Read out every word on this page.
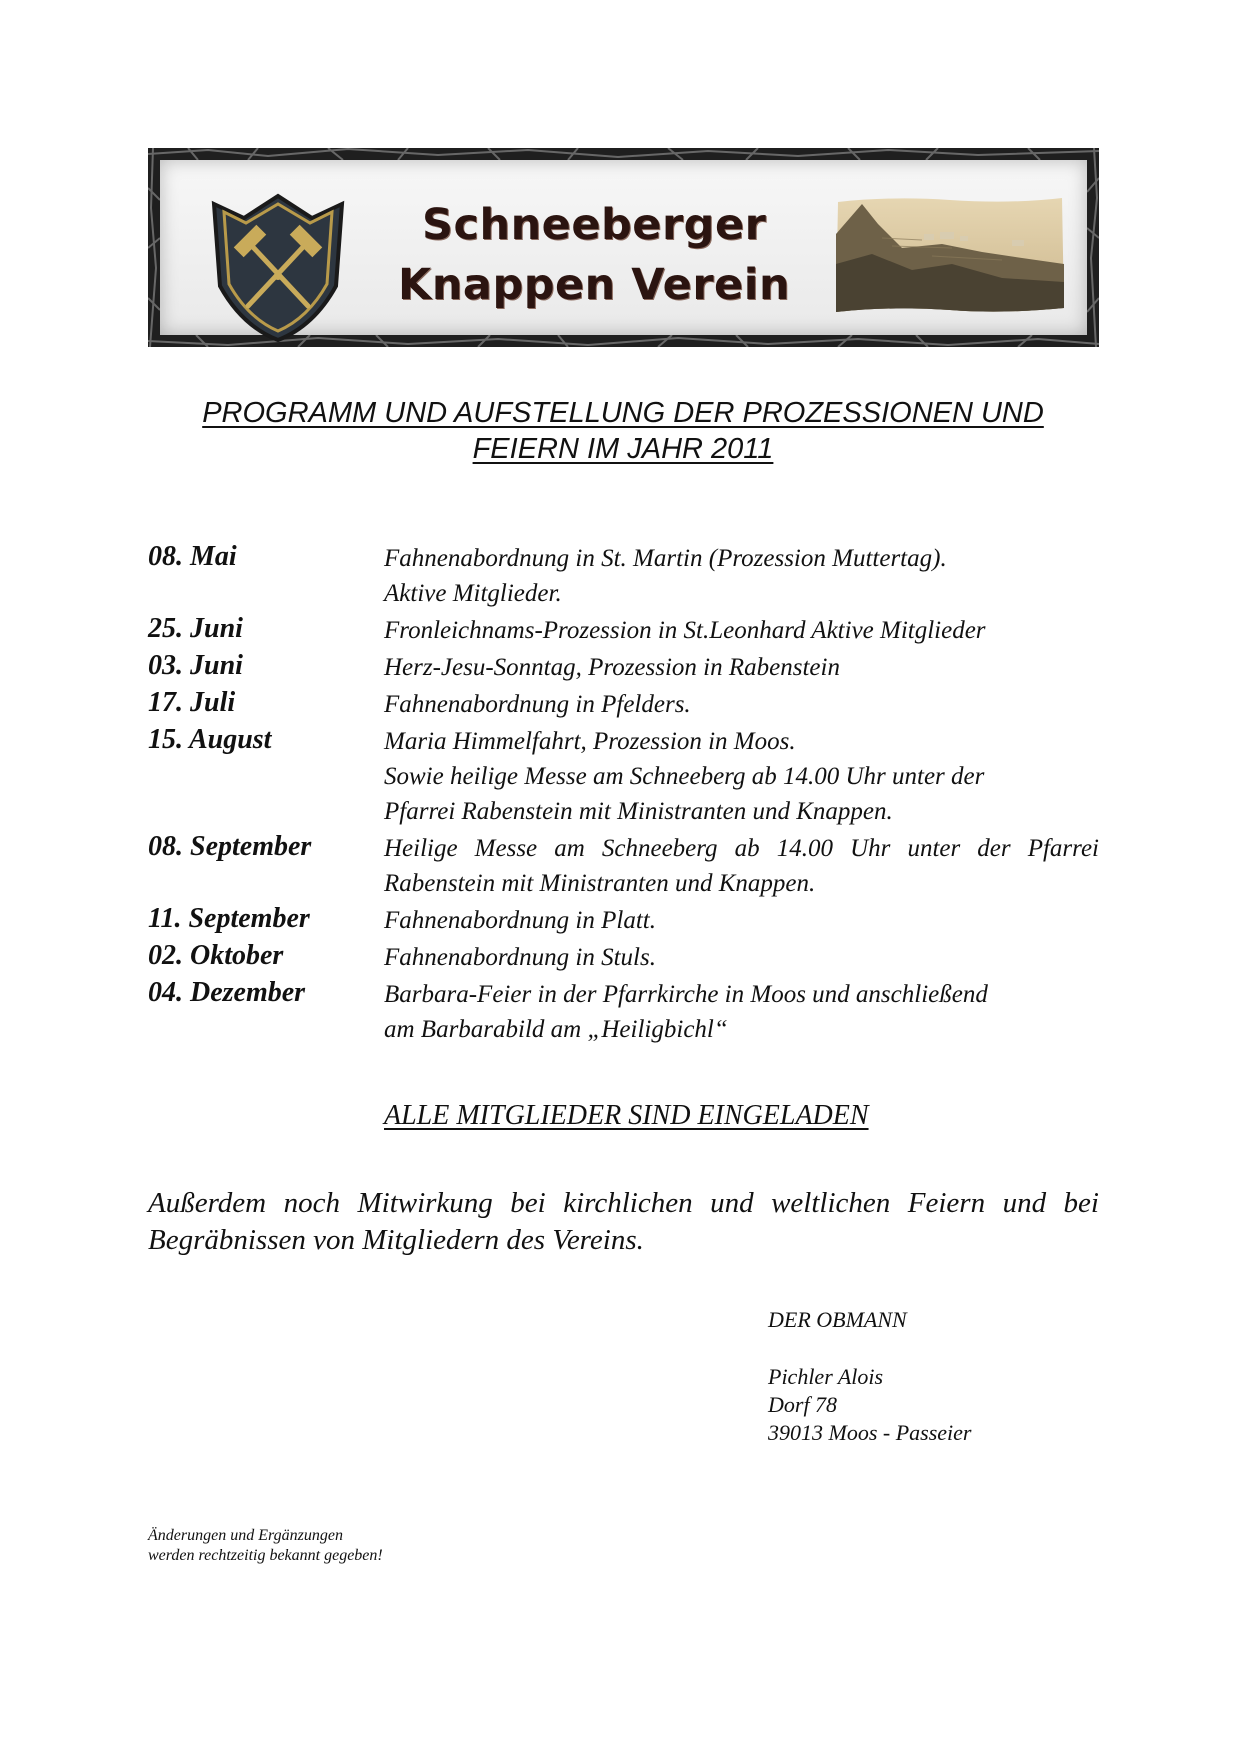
Schneeberger
Knappen Verein
PROGRAMM UND AUFSTELLUNG DER PROZESSIONEN UND
FEIERN IM JAHR 2011
08. Mai	Fahnenabordnung in St. Martin (Prozession Muttertag).
Aktive Mitglieder.
25. Juni	Fronleichnams-Prozession in St.Leonhard Aktive Mitglieder
03. Juni	Herz-Jesu-Sonntag, Prozession in Rabenstein
17. Juli	Fahnenabordnung in Pfelders.
15. August	Maria Himmelfahrt, Prozession in Moos.
Sowie heilige Messe am Schneeberg ab 14.00 Uhr unter der
Pfarrei Rabenstein mit Ministranten und Knappen.
08. September	Heilige Messe am Schneeberg ab 14.00 Uhr unter der Pfarrei Rabenstein mit Ministranten und Knappen.
11. September	Fahnenabordnung in Platt.
02. Oktober	Fahnenabordnung in Stuls.
04. Dezember	Barbara-Feier in der Pfarrkirche in Moos und anschließend
am Barbarabild am „Heiligbichl“
ALLE MITGLIEDER SIND EINGELADEN
Außerdem noch Mitwirkung bei kirchlichen und weltlichen Feiern und bei Begräbnissen von Mitgliedern des Vereins.
DER OBMANN
Pichler Alois
Dorf 78
39013 Moos - Passeier
Änderungen und Ergänzungen
werden rechtzeitig bekannt gegeben!
